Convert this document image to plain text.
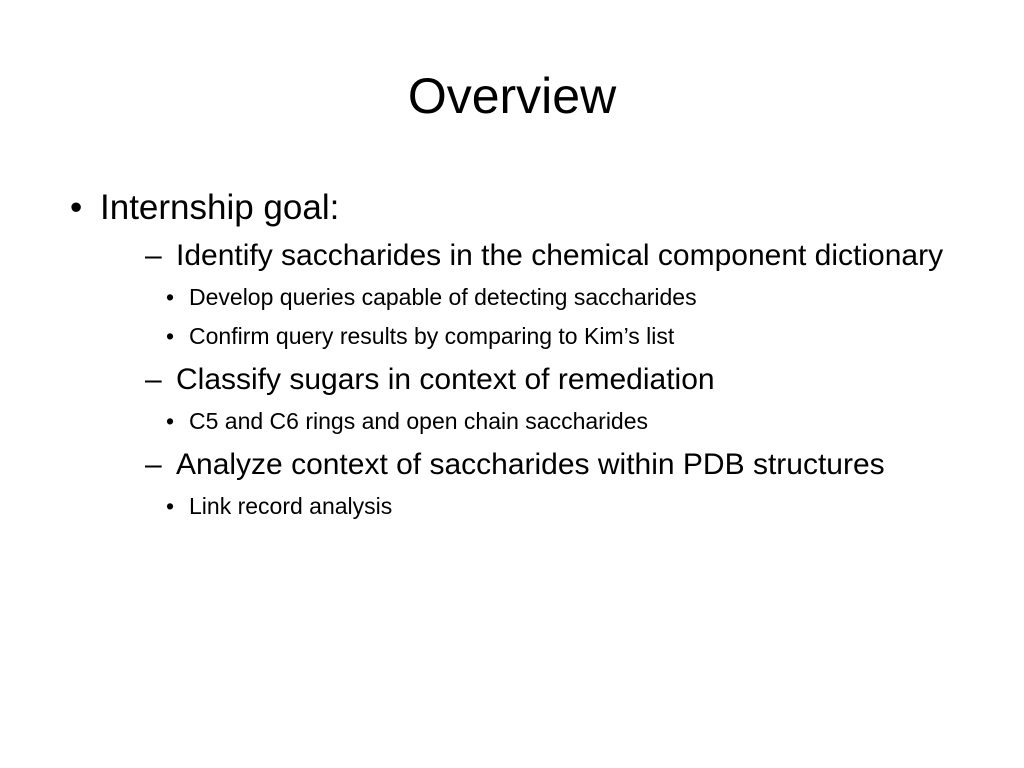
Overview
• Internship goal:
– Identify saccharides in the chemical component dictionary
• Develop queries capable of detecting saccharides
• Confirm query results by comparing to Kim’s list
– Classify sugars in context of remediation
• C5 and C6 rings and open chain saccharides
– Analyze context of saccharides within PDB structures
• Link record analysis
